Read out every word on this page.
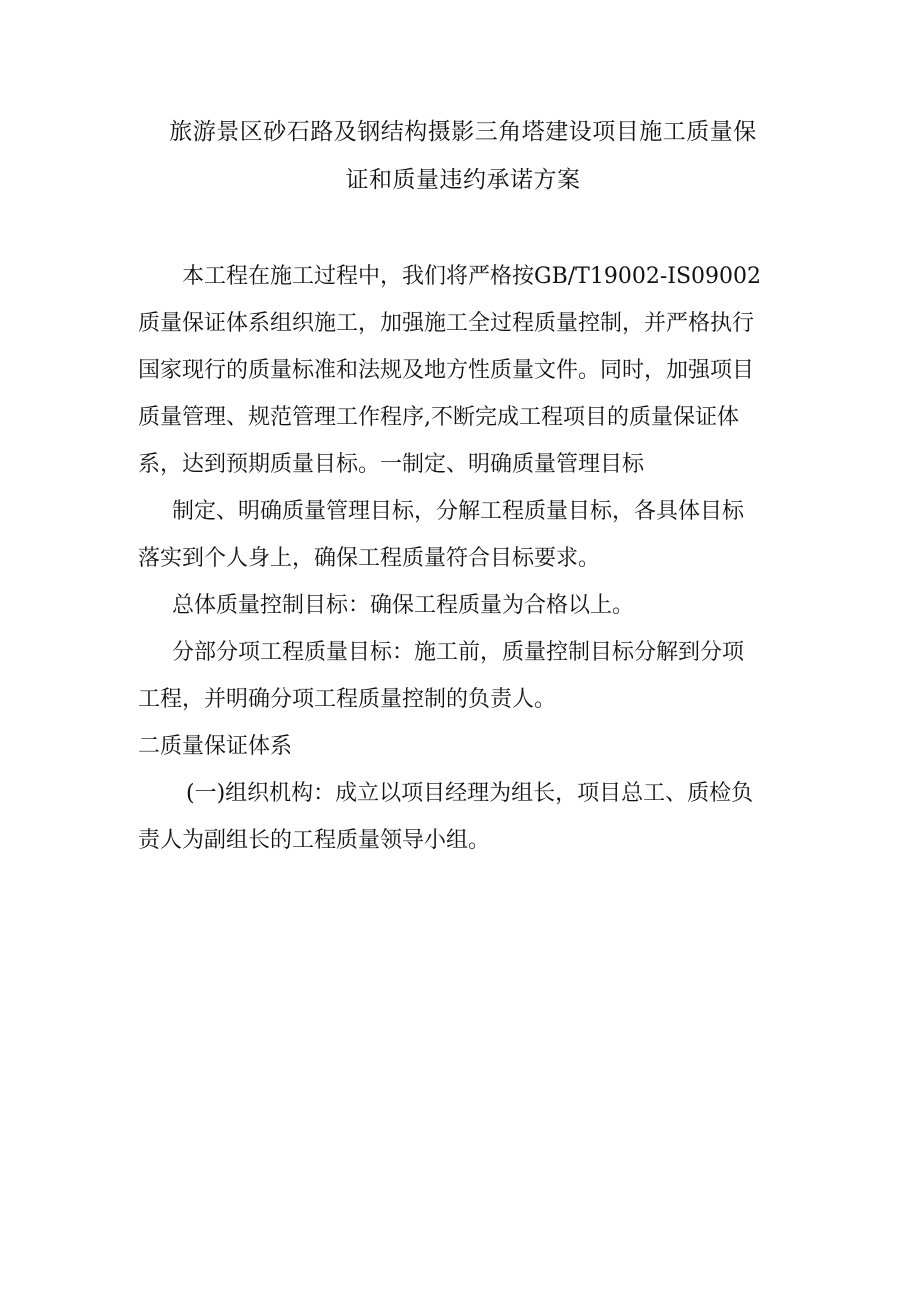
旅游景区砂石路及钢结构摄影三角塔建设项目施工质量保
证和质量违约承诺方案
本工程在施工过程中，我们将严格按GB/T19002-IS09002
质量保证体系组织施工，加强施工全过程质量控制，并严格执行
国家现行的质量标准和法规及地方性质量文件。同时，加强项目
质量管理、规范管理工作程序,不断完成工程项目的质量保证体
系，达到预期质量目标。一制定、明确质量管理目标
制定、明确质量管理目标，分解工程质量目标，各具体目标
落实到个人身上，确保工程质量符合目标要求。
总体质量控制目标：确保工程质量为合格以上。
分部分项工程质量目标：施工前，质量控制目标分解到分项
工程，并明确分项工程质量控制的负责人。
二质量保证体系
(一)组织机构：成立以项目经理为组长，项目总工、质检负
责人为副组长的工程质量领导小组。
